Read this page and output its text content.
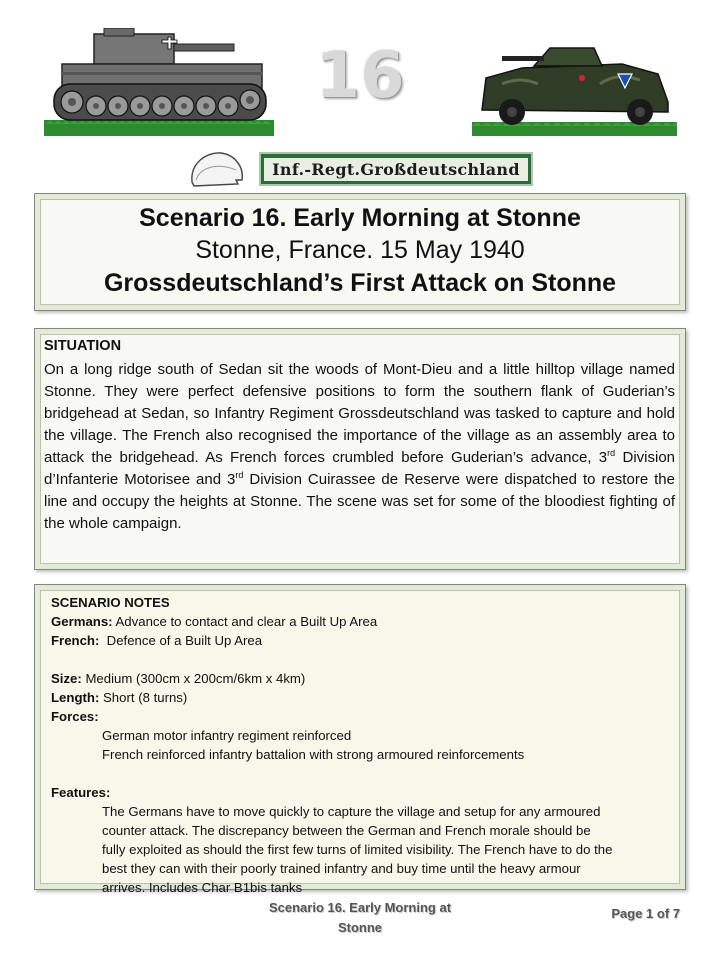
16
Inf.-Regt.Großdeutschland
Scenario 16. Early Morning at Stonne
Stonne, France. 15 May 1940
Grossdeutschland’s First Attack on Stonne
SITUATION
On a long ridge south of Sedan sit the woods of Mont-Dieu and a little hilltop village named Stonne. They were perfect defensive positions to form the southern flank of Guderian’s bridgehead at Sedan, so Infantry Regiment Grossdeutschland was tasked to capture and hold the village. The French also recognised the importance of the village as an assembly area to attack the bridgehead. As French forces crumbled before Guderian’s advance, 3rd Division d’Infanterie Motorisee and 3rd Division Cuirassee de Reserve were dispatched to restore the line and occupy the heights at Stonne. The scene was set for some of the bloodiest fighting of the whole campaign.
SCENARIO NOTES
Germans: Advance to contact and clear a Built Up Area
French:  Defence of a Built Up Area
Size: Medium (300cm x 200cm/6km x 4km)
Length: Short (8 turns)
Forces:
German motor infantry regiment reinforced
French reinforced infantry battalion with strong armoured reinforcements
Features:
The Germans have to move quickly to capture the village and setup for any armoured counter attack. The discrepancy between the German and French morale should be fully exploited as should the first few turns of limited visibility. The French have to do the best they can with their poorly trained infantry and buy time until the heavy armour arrives. Includes Char B1bis tanks
Scenario 16. Early Morning at
Stonne
Page 1 of 7
